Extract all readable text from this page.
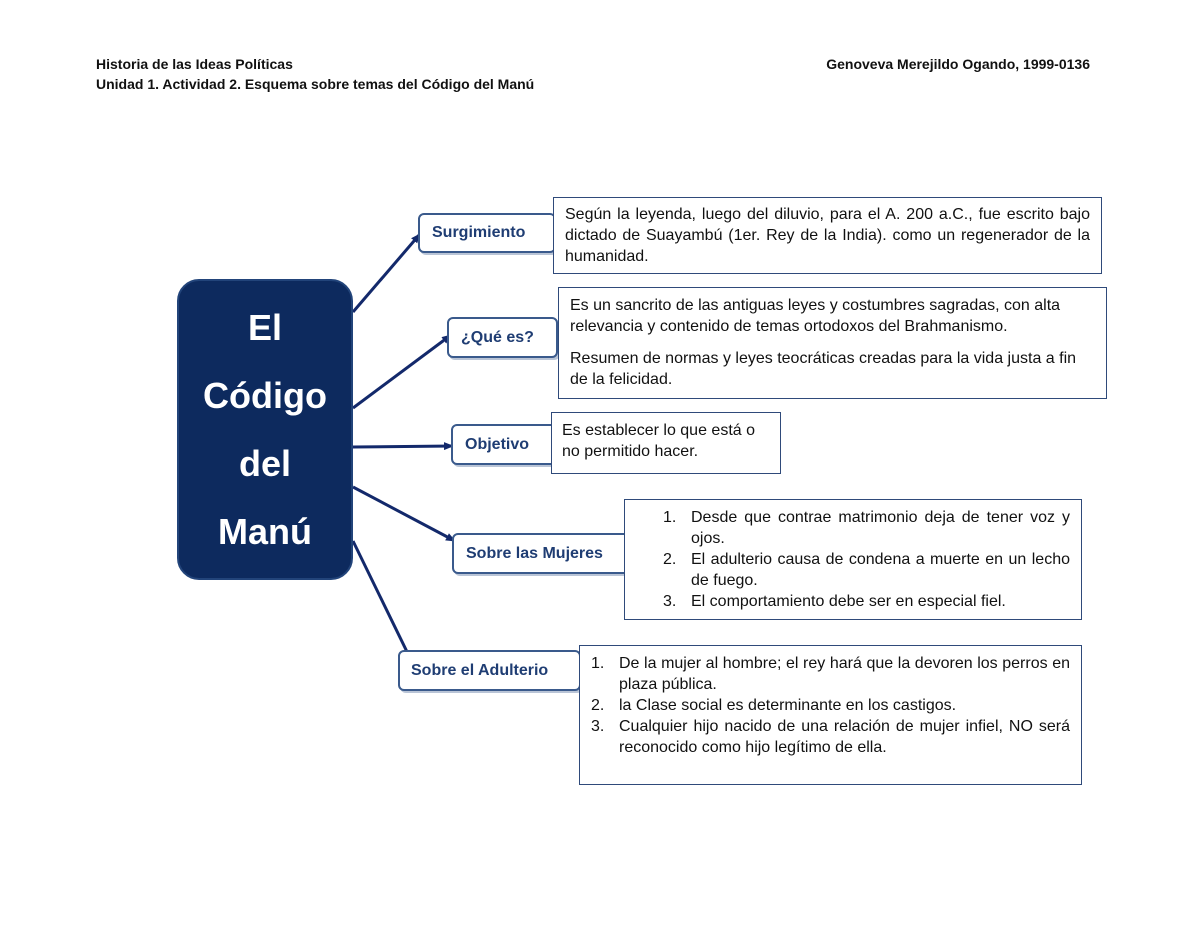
Historia de las Ideas Políticas
Unidad 1. Actividad 2. Esquema sobre temas del Código del Manú
Genoveva Merejildo Ogando, 1999-0136
El
Código
del
Manú
Surgimiento
¿Qué es?
Objetivo
Sobre las Mujeres
Sobre el Adulterio

Según la leyenda, luego del diluvio, para el A. 200 a.C., fue escrito bajo dictado de Suayambú (1er. Rey de la India). como un regenerador de la humanidad.

Es un sancrito de las antiguas leyes y costumbres sagradas, con alta relevancia y contenido de temas ortodoxos del Brahmanismo.

Resumen de normas y leyes teocráticas creadas para la vida justa a fin de la felicidad.

Es establecer lo que está o no permitido hacer.

1. Desde que contrae matrimonio deja de tener voz y ojos.
2. El adulterio causa de condena a muerte en un lecho de fuego.
3. El comportamiento debe ser en especial fiel.
1. De la mujer al hombre; el rey hará que la devoren los perros en plaza pública.
2. la Clase social es determinante en los castigos.
3. Cualquier hijo nacido de una relación de mujer infiel, NO será reconocido como hijo legítimo de ella.
